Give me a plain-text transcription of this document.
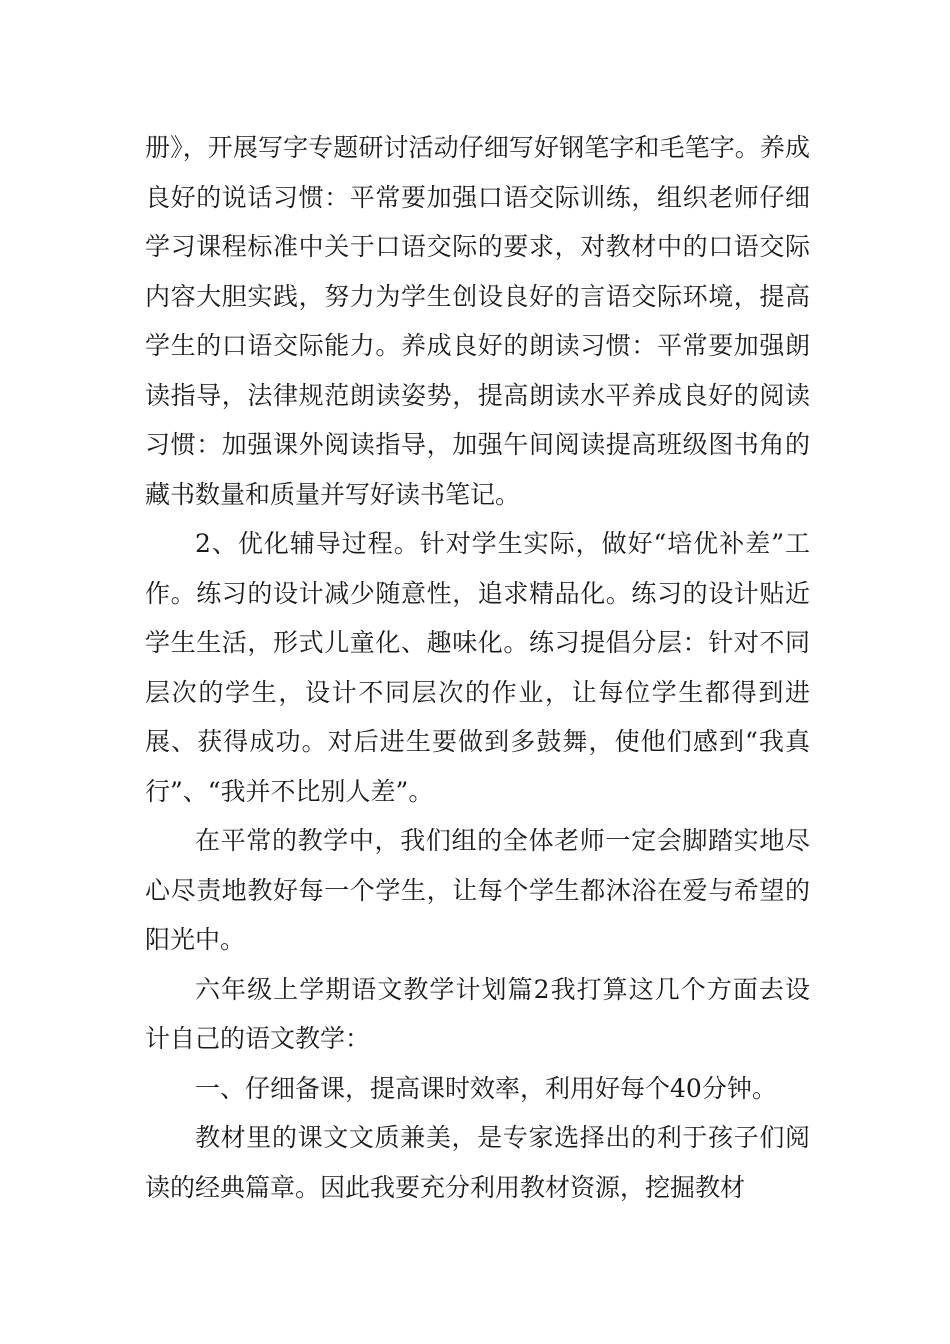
册》，开展写字专题研讨活动仔细写好钢笔字和毛笔字。养成良好的说话习惯：平常要加强口语交际训练，组织老师仔细学习课程标准中关于口语交际的要求，对教材中的口语交际内容大胆实践，努力为学生创设良好的言语交际环境，提高学生的口语交际能力。养成良好的朗读习惯：平常要加强朗读指导，法律规范朗读姿势，提高朗读水平养成良好的阅读习惯：加强课外阅读指导，加强午间阅读提高班级图书角的藏书数量和质量并写好读书笔记。

2、优化辅导过程。针对学生实际，做好“培优补差”工作。练习的设计减少随意性，追求精品化。练习的设计贴近学生生活，形式儿童化、趣味化。练习提倡分层：针对不同层次的学生，设计不同层次的作业，让每位学生都得到进展、获得成功。对后进生要做到多鼓舞，使他们感到“我真行”、“我并不比别人差”。

在平常的教学中，我们组的全体老师一定会脚踏实地尽心尽责地教好每一个学生，让每个学生都沐浴在爱与希望的阳光中。

六年级上学期语文教学计划篇2我打算这几个方面去设计自己的语文教学：

一、仔细备课，提高课时效率，利用好每个40分钟。

教材里的课文文质兼美，是专家选择出的利于孩子们阅读的经典篇章。因此我要充分利用教材资源，挖掘教材
